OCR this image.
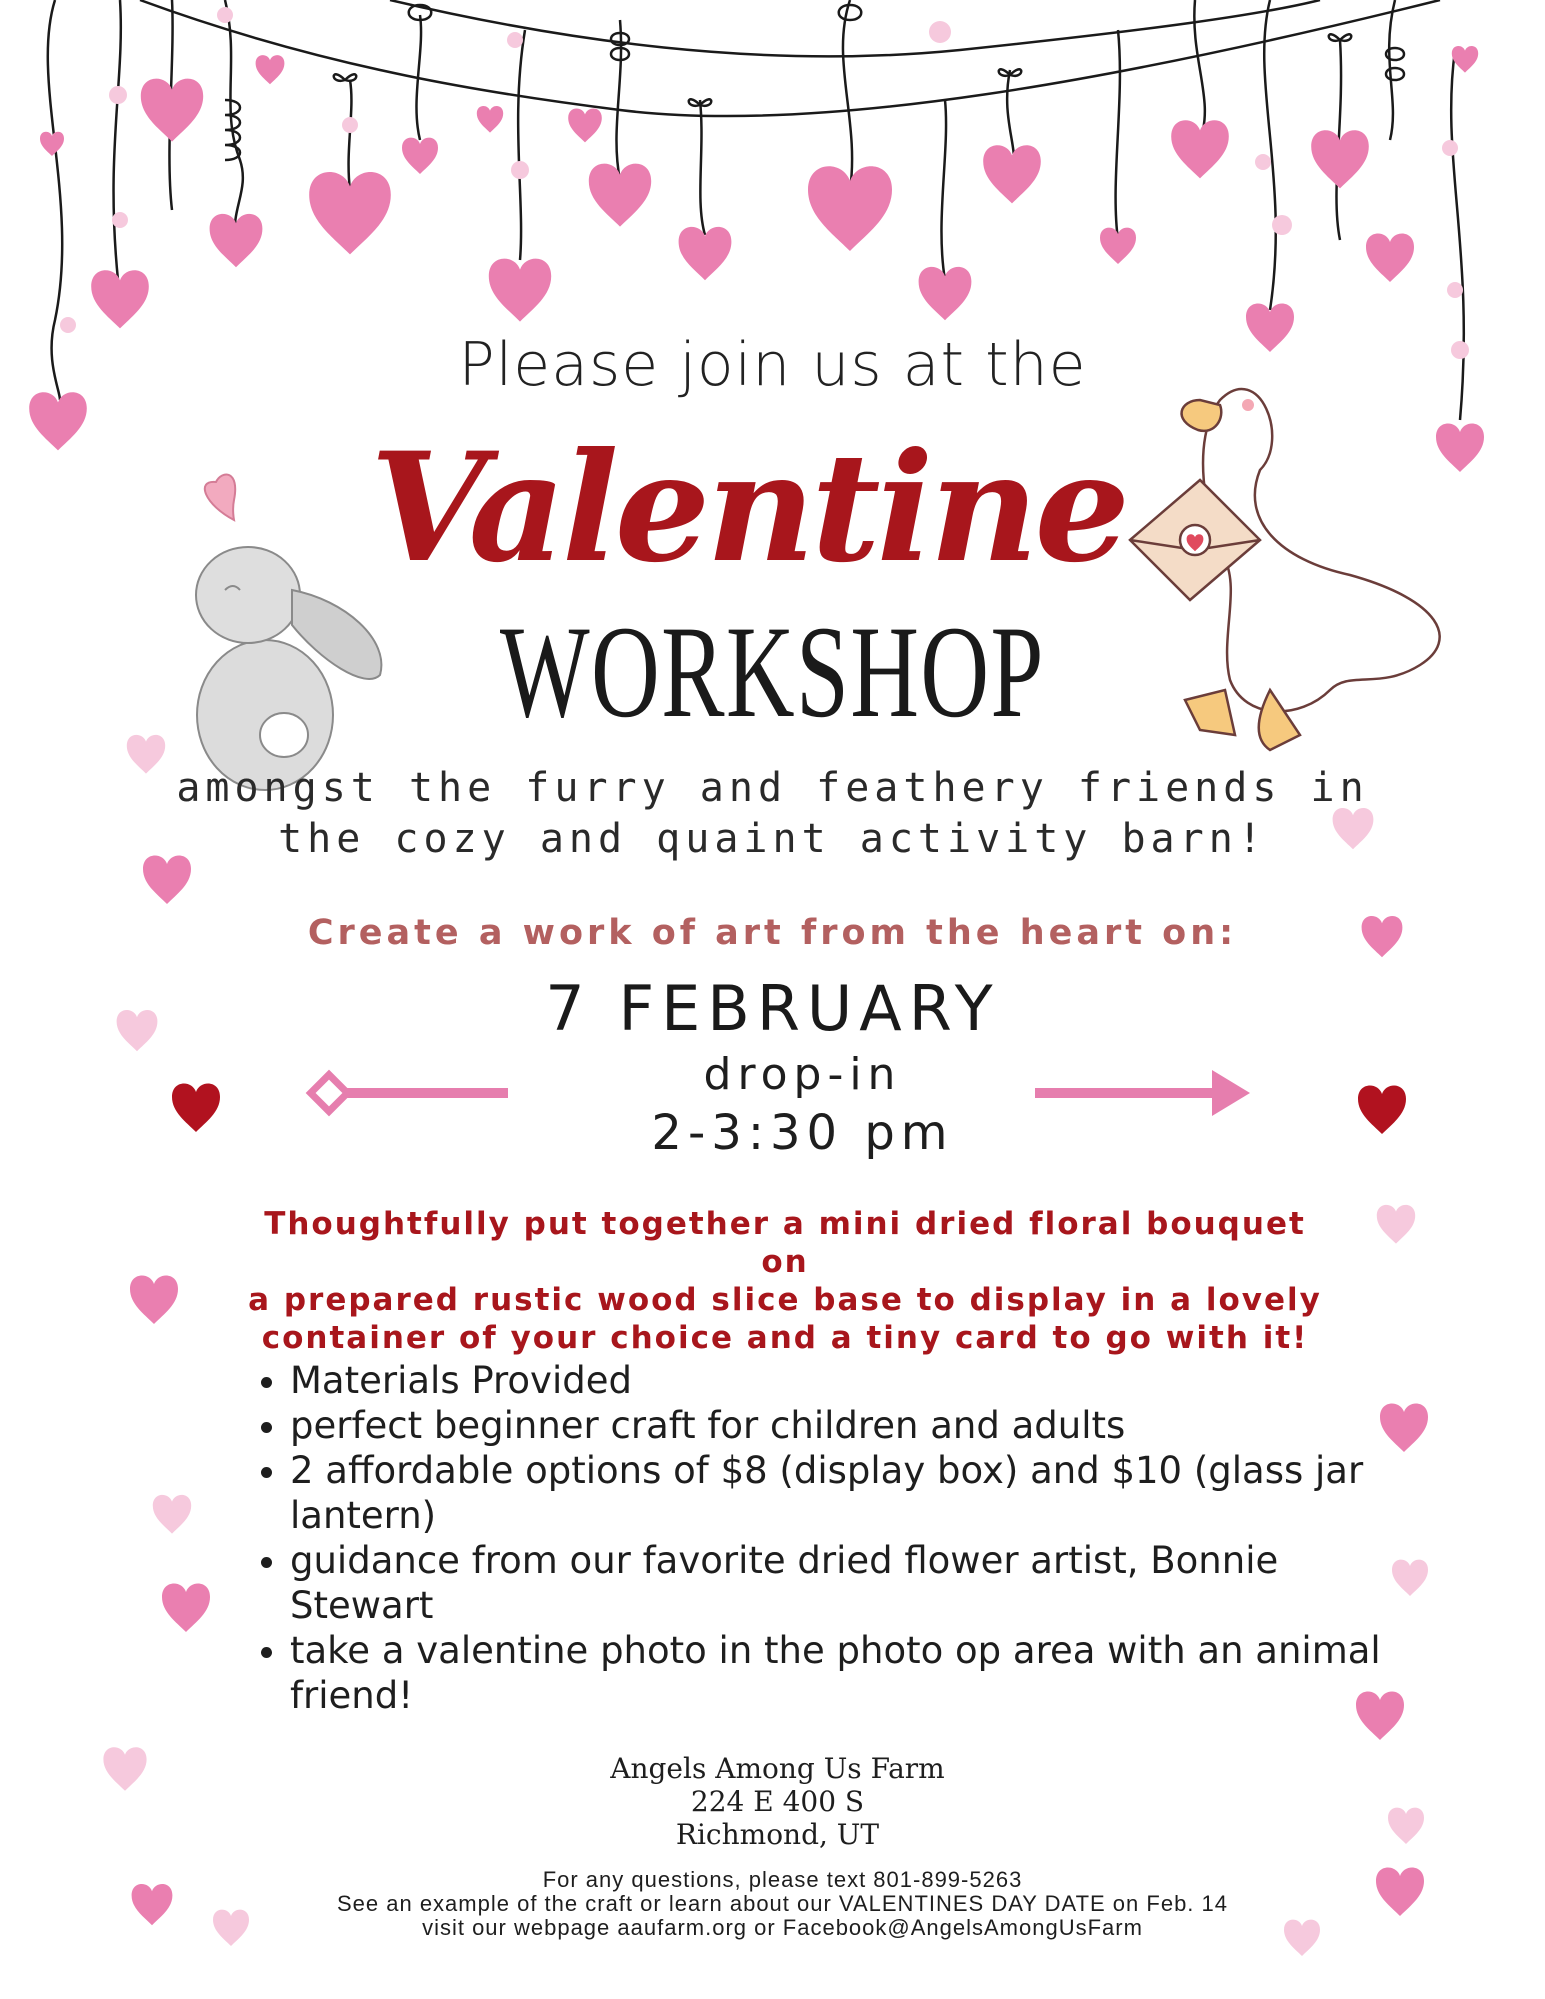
Please join us at the

Valentine

WORKSHOP

amongst the furry and feathery friends in

the cozy and quaint activity barn!

Create a work of art from the heart on:

7 FEBRUARY

drop-in

2-3:30 pm

Thoughtfully put together a mini dried floral bouquet on
a prepared rustic wood slice base to display in a lovely
container of your choice and a tiny card to go with it!
• Materials Provided
• perfect beginner craft for children and adults
• 2 affordable options of $8 (display box) and $10 (glass jar lantern)
• guidance from our favorite dried flower artist, Bonnie Stewart
• take a valentine photo in the photo op area with an animal friend!
Angels Among Us Farm
224 E 400 S
Richmond, UT
For any questions, please text 801-899-5263
See an example of the craft or learn about our VALENTINES DAY DATE on Feb. 14
visit our webpage aaufarm.org or Facebook@AngelsAmongUsFarm
